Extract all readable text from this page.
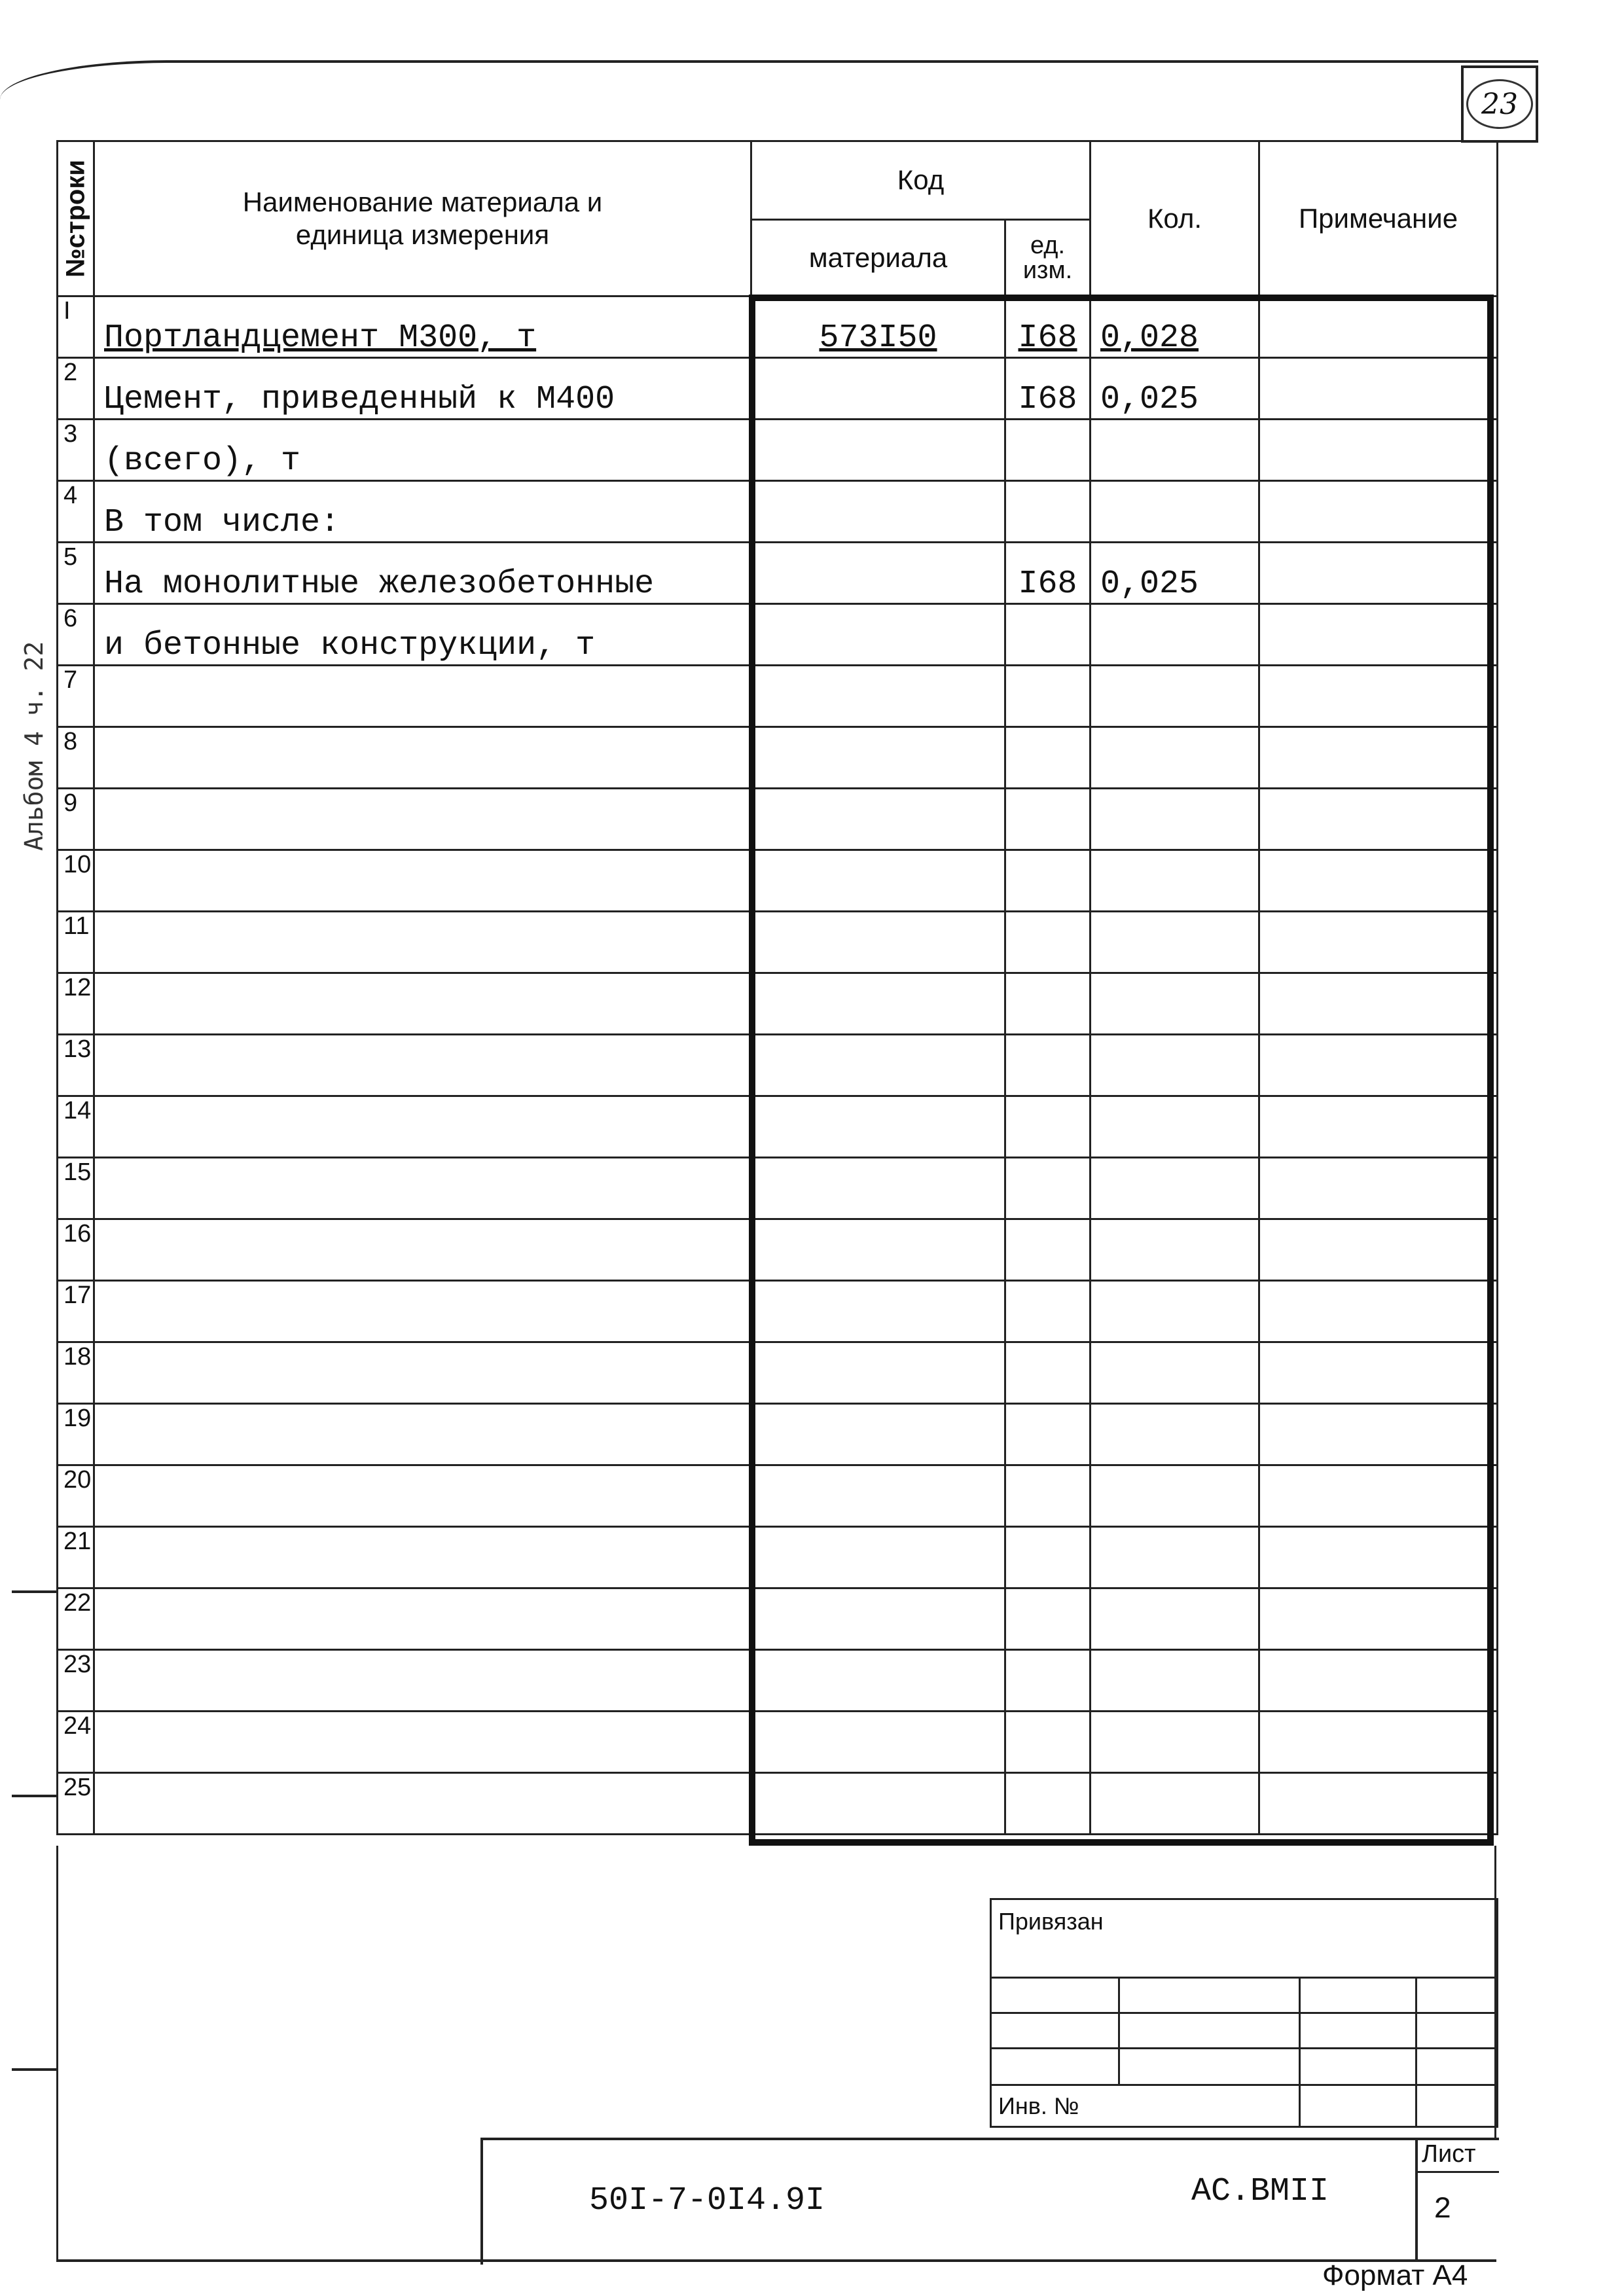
23
Альбом 4 ч. 22
№строки	Наименование материала и единица измерения	Код		Кол.	Примечание
		материала	ед. изм.		
I	Портландцемент М300, т	573I50	I68	0,028	
2	Цемент, приведенный к М400		I68	0,025	
3	(всего), т				
4	В том числе:				
5	На монолитные железобетонные		I68	0,025	
6	и бетонные конструкции, т				
7					
8					
9					
10					
11					
12					
13					
14					
15					
16					
17					
18					
19					
20					
21					
22					
23					
24					
25					
Привязан			

Инв. №			
50I-7-0I4.9I	АС.ВМII
Лист
2
Формат А4
